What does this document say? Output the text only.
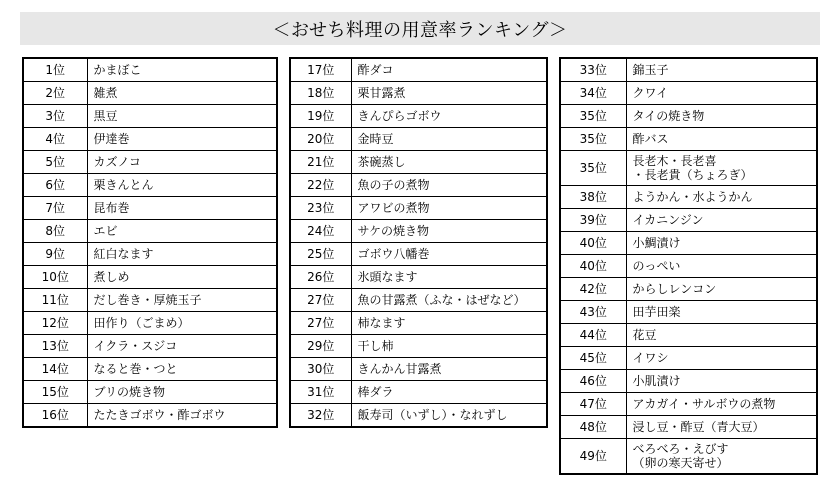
＜おせち料理の用意率ランキング＞
1位	かまぼこ
2位	雑煮
3位	黒豆
4位	伊達巻
5位	カズノコ
6位	栗きんとん
7位	昆布巻
8位	エビ
9位	紅白なます
10位	煮しめ
11位	だし巻き・厚焼玉子
12位	田作り（ごまめ）
13位	イクラ・スジコ
14位	なると巻・つと
15位	ブリの焼き物
16位	たたきゴボウ・酢ゴボウ
17位	酢ダコ
18位	栗甘露煮
19位	きんぴらゴボウ
20位	金時豆
21位	茶碗蒸し
22位	魚の子の煮物
23位	アワビの煮物
24位	サケの焼き物
25位	ゴボウ八幡巻
26位	氷頭なます
27位	魚の甘露煮（ふな・はぜなど）
27位	柿なます
29位	干し柿
30位	きんかん甘露煮
31位	棒ダラ
32位	飯寿司（いずし）・なれずし
33位	錦玉子
34位	クワイ
35位	タイの焼き物
35位	酢バス
35位	長老木・長老喜
・長老貴（ちょろぎ）

38位	ようかん・水ようかん
39位	イカニンジン
40位	小鯛漬け
40位	のっぺい
42位	からしレンコン
43位	田芋田楽
44位	花豆
45位	イワシ
46位	小肌漬け
47位	アカガイ・サルボウの煮物
48位	浸し豆・酢豆（青大豆）
49位	べろべろ・えびす
（卵の寒天寄せ）
